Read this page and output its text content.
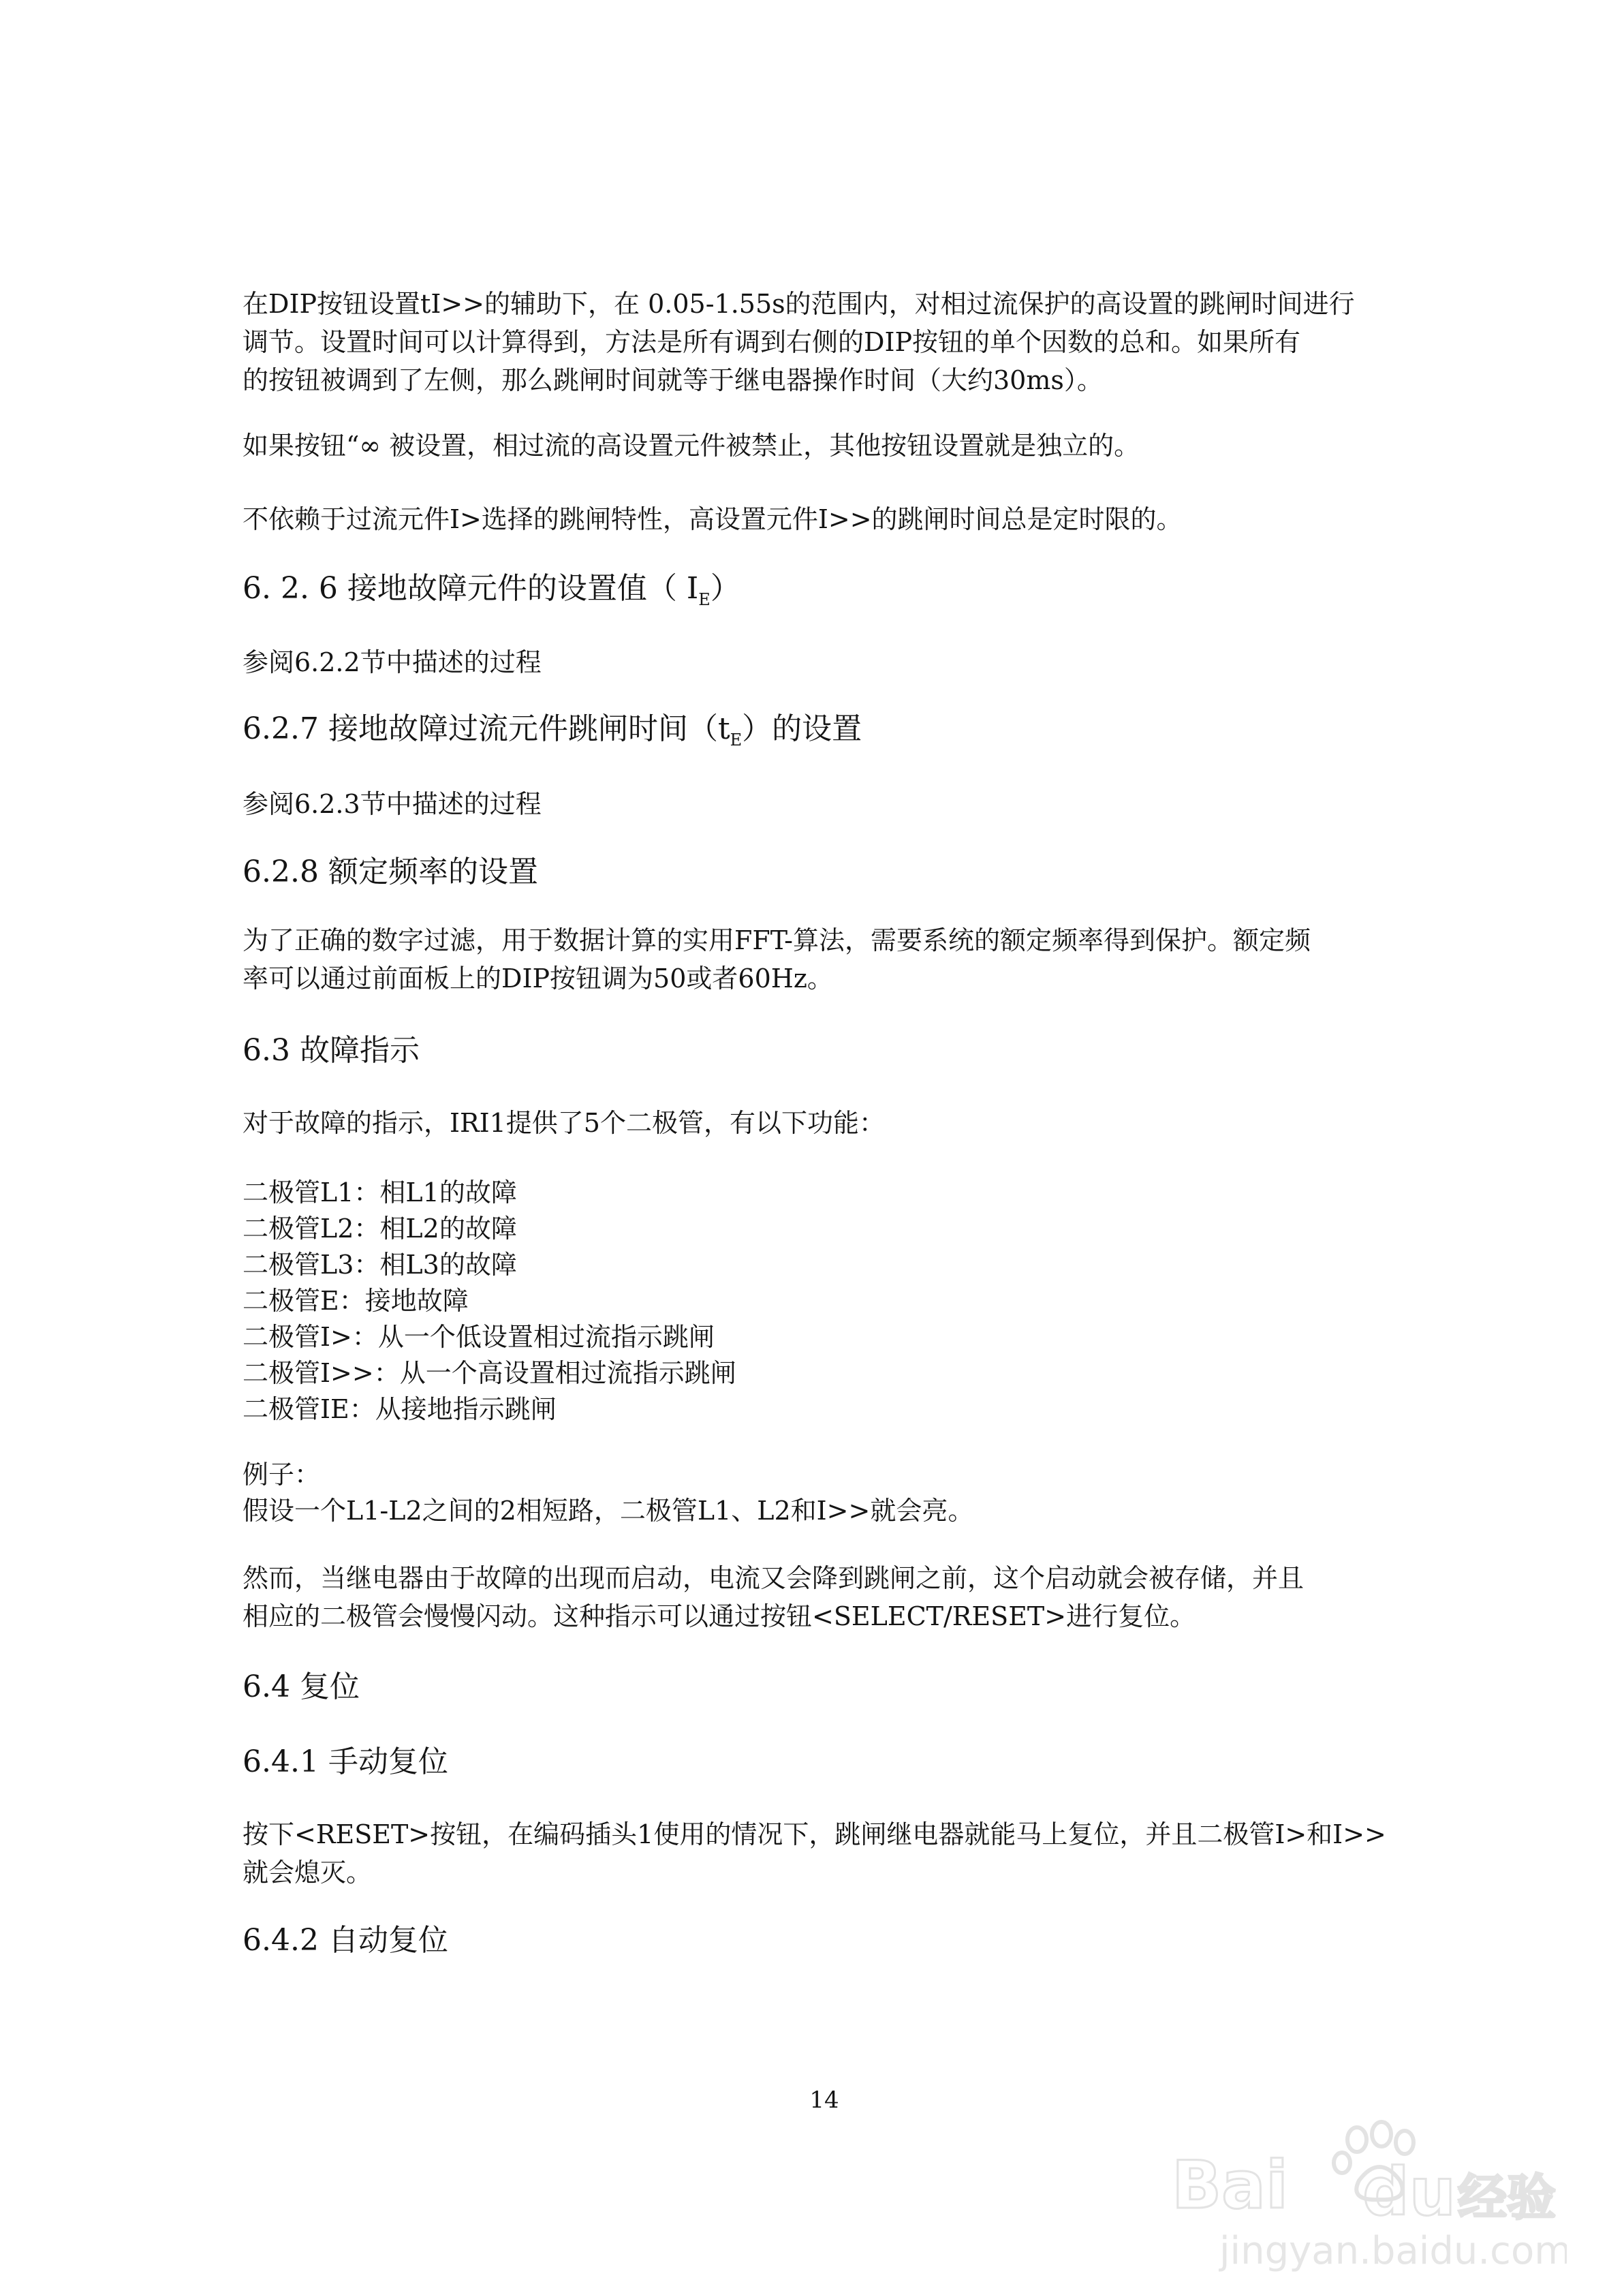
在DIP按钮设置tI>>的辅助下，在 0.05-1.55s的范围内，对相过流保护的高设置的跳闸时间进行
调节。设置时间可以计算得到，方法是所有调到右侧的DIP按钮的单个因数的总和。如果所有
的按钮被调到了左侧，那么跳闸时间就等于继电器操作时间（大约30ms）。
如果按钮“∞ 被设置，相过流的高设置元件被禁止，其他按钮设置就是独立的。
不依赖于过流元件I>选择的跳闸特性，高设置元件I>>的跳闸时间总是定时限的。
6. 2. 6 接地故障元件的设置值（ $I_E$）
参阅6.2.2节中描述的过程
6.2.7 接地故障过流元件跳闸时间$(t_E)$的设置
参阅6.2.3节中描述的过程
6.2.8 额定频率的设置
为了正确的数字过滤，用于数据计算的实用FFT-算法，需要系统的额定频率得到保护。额定频
率可以通过前面板上的DIP按钮调为50或者60Hz。
6.3 故障指示
对于故障的指示，IRI1提供了5个二极管，有以下功能：
二极管L1：相L1的故障
二极管L2：相L2的故障
二极管L3：相L3的故障
二极管E：接地故障
二极管I>：从一个低设置相过流指示跳闸
二极管I>>：从一个高设置相过流指示跳闸
二极管IE：从接地指示跳闸
例子：
假设一个L1-L2之间的2相短路，二极管L1、L2和I>>就会亮。
然而，当继电器由于故障的出现而启动，电流又会降到跳闸之前，这个启动就会被存储，并且
相应的二极管会慢慢闪动。这种指示可以通过按钮<SELECT/RESET>进行复位。
6.4 复位
6.4.1 手动复位
按下<RESET>按钮，在编码插头1使用的情况下，跳闸继电器就能马上复位，并且二极管I>和I>>
就会熄灭。
6.4.2 自动复位
14
Bai du 经验
jingyan.baidu.com
